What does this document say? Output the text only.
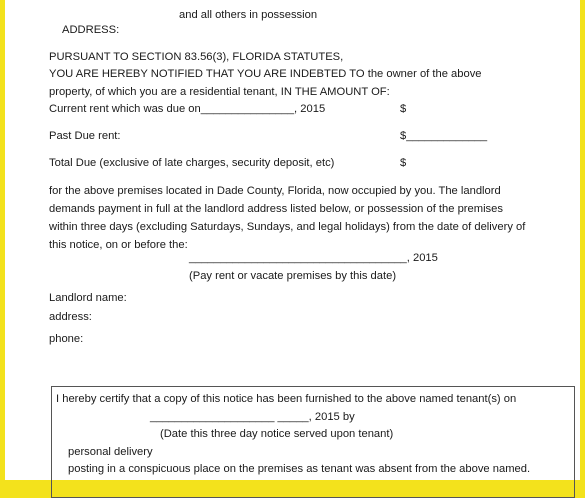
and all others in possession
ADDRESS:
PURSUANT TO SECTION 83.56(3), FLORIDA STATUTES,
YOU ARE HEREBY NOTIFIED THAT YOU ARE INDEBTED TO the owner of the above
property, of which you are a residential tenant, IN THE AMOUNT OF:
Current rent which was due on_______________, 2015	$
Past Due rent:	$_____________
Total Due (exclusive of late charges, security deposit, etc)	$
for the above premises located in Dade County, Florida, now occupied by you. The landlord
demands payment in full at the landlord address listed below, or possession of the premises
within three days (excluding Saturdays, Sundays, and legal holidays) from the date of delivery of
this notice, on or before the:
___________________________________, 2015
(Pay rent or vacate premises by this date)
Landlord name:
address:
phone:
I hereby certify that a copy of this notice has been furnished to the above named tenant(s) on
____________________ _____, 2015 by
(Date this three day notice served upon tenant)
personal delivery
posting in a conspicuous place on the premises as tenant was absent from the above named.
